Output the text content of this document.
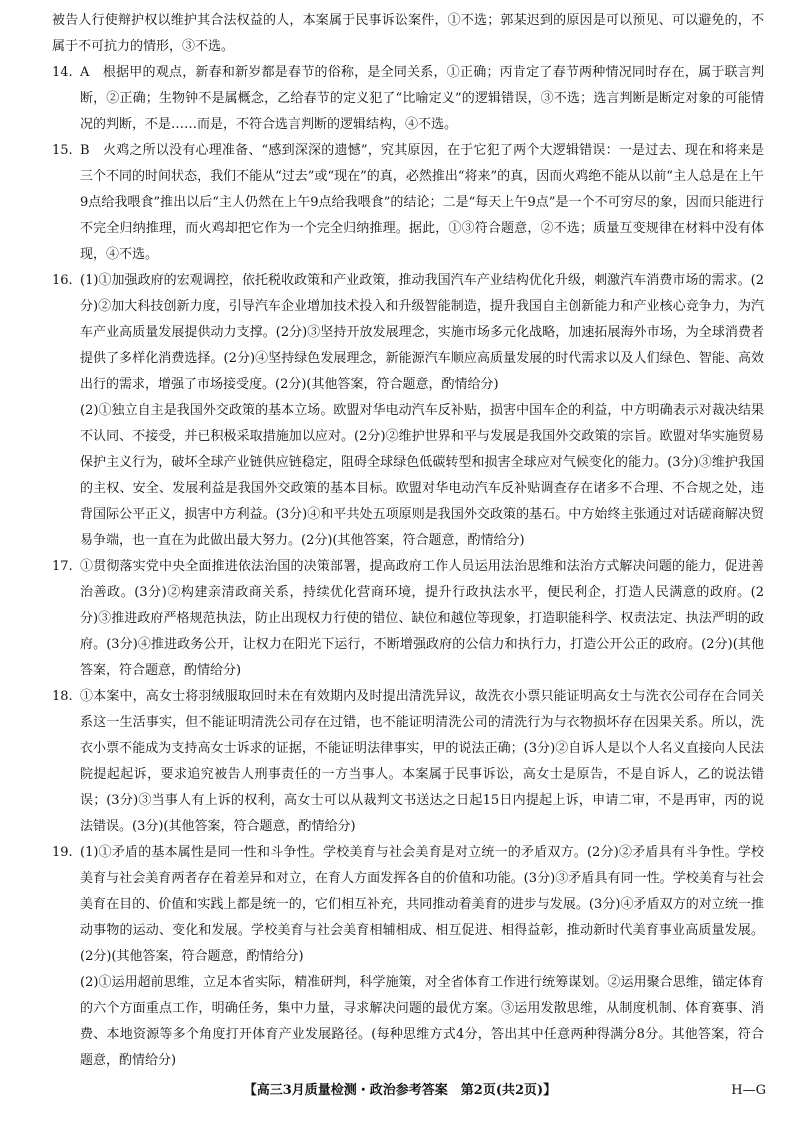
被告人行使辩护权以维护其合法权益的人，本案属于民事诉讼案件，①不选；郭某迟到的原因是可以预见、可以避免的，不属于不可抗力的情形，③不选。

14. A　根据甲的观点，新春和新岁都是春节的俗称，是全同关系，①正确；丙肯定了春节两种情况同时存在，属于联言判断，②正确；生物钟不是属概念，乙给春节的定义犯了“比喻定义”的逻辑错误，③不选；选言判断是断定对象的可能情况的判断，不是……而是，不符合选言判断的逻辑结构，④不选。

15. B　火鸡之所以没有心理准备、“感到深深的遗憾”，究其原因，在于它犯了两个大逻辑错误：一是过去、现在和将来是三个不同的时间状态，我们不能从“过去”或“现在”的真，必然推出“将来”的真，因而火鸡绝不能从以前“主人总是在上午9点给我喂食”推出以后“主人仍然在上午9点给我喂食”的结论；二是“每天上午9点”是一个不可穷尽的象，因而只能进行不完全归纳推理，而火鸡却把它作为一个完全归纳推理。据此，①③符合题意，②不选；质量互变规律在材料中没有体现，④不选。

16. (1)①加强政府的宏观调控，依托税收政策和产业政策，推动我国汽车产业结构优化升级，刺激汽车消费市场的需求。(2分)②加大科技创新力度，引导汽车企业增加技术投入和升级智能制造，提升我国自主创新能力和产业核心竞争力，为汽车产业高质量发展提供动力支撑。(2分)③坚持开放发展理念，实施市场多元化战略，加速拓展海外市场，为全球消费者提供了多样化消费选择。(2分)④坚持绿色发展理念，新能源汽车顺应高质量发展的时代需求以及人们绿色、智能、高效出行的需求，增强了市场接受度。(2分)(其他答案，符合题意，酌情给分)

(2)①独立自主是我国外交政策的基本立场。欧盟对华电动汽车反补贴，损害中国车企的利益，中方明确表示对裁决结果不认同、不接受，并已积极采取措施加以应对。(2分)②维护世界和平与发展是我国外交政策的宗旨。欧盟对华实施贸易保护主义行为，破坏全球产业链供应链稳定，阻碍全球绿色低碳转型和损害全球应对气候变化的能力。(3分)③维护我国的主权、安全、发展利益是我国外交政策的基本目标。欧盟对华电动汽车反补贴调查存在诸多不合理、不合规之处，违背国际公平正义，损害中方利益。(3分)④和平共处五项原则是我国外交政策的基石。中方始终主张通过对话磋商解决贸易争端，也一直在为此做出最大努力。(2分)(其他答案，符合题意，酌情给分)

17. ①贯彻落实党中央全面推进依法治国的决策部署，提高政府工作人员运用法治思维和法治方式解决问题的能力，促进善治善政。(3分)②构建亲清政商关系，持续优化营商环境，提升行政执法水平，便民利企，打造人民满意的政府。(2分)③推进政府严格规范执法，防止出现权力行使的错位、缺位和越位等现象，打造职能科学、权责法定、执法严明的政府。(3分)④推进政务公开，让权力在阳光下运行，不断增强政府的公信力和执行力，打造公开公正的政府。(2分)(其他答案，符合题意，酌情给分)

18. ①本案中，高女士将羽绒服取回时未在有效期内及时提出清洗异议，故洗衣小票只能证明高女士与洗衣公司存在合同关系这一生活事实，但不能证明清洗公司存在过错，也不能证明清洗公司的清洗行为与衣物损坏存在因果关系。所以，洗衣小票不能成为支持高女士诉求的证据，不能证明法律事实，甲的说法正确；(3分)②自诉人是以个人名义直接向人民法院提起起诉，要求追究被告人刑事责任的一方当事人。本案属于民事诉讼，高女士是原告，不是自诉人，乙的说法错误；(3分)③当事人有上诉的权利，高女士可以从裁判文书送达之日起15日内提起上诉，申请二审，不是再审，丙的说法错误。(3分)(其他答案，符合题意，酌情给分)

19. (1)①矛盾的基本属性是同一性和斗争性。学校美育与社会美育是对立统一的矛盾双方。(2分)②矛盾具有斗争性。学校美育与社会美育两者存在着差异和对立，在育人方面发挥各自的价值和功能。(3分)③矛盾具有同一性。学校美育与社会美育在目的、价值和实践上都是统一的，它们相互补充，共同推动着美育的进步与发展。(3分)④矛盾双方的对立统一推动事物的运动、变化和发展。学校美育与社会美育相辅相成、相互促进、相得益彰，推动新时代美育事业高质量发展。(2分)(其他答案，符合题意，酌情给分)

(2)①运用超前思维，立足本省实际，精准研判，科学施策，对全省体育工作进行统筹谋划。②运用聚合思维，锚定体育的六个方面重点工作，明确任务，集中力量，寻求解决问题的最优方案。③运用发散思维，从制度机制、体育赛事、消费、本地资源等多个角度打开体育产业发展路径。(每种思维方式4分，答出其中任意两种得满分8分。其他答案，符合题意，酌情给分)

【高三3月质量检测・政治参考答案　第2页(共2页)】	H—G
